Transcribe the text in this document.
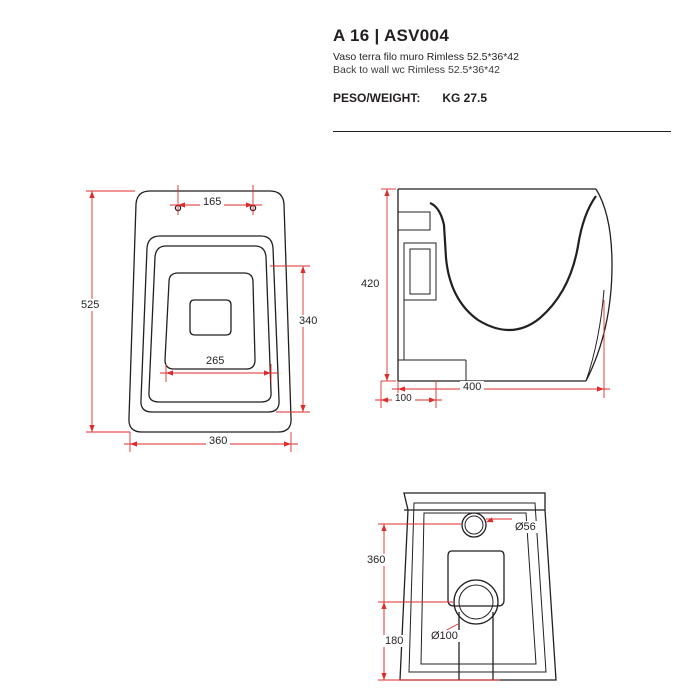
A 16 | ASV004

Vaso terra filo muro Rimless 52.5*36*42

Back to wall wc Rimless 52.5*36*42

PESO/WEIGHT: KG 27.5
165
525
340
265
360
420
400
100
Ø56
360
180	Ø100
